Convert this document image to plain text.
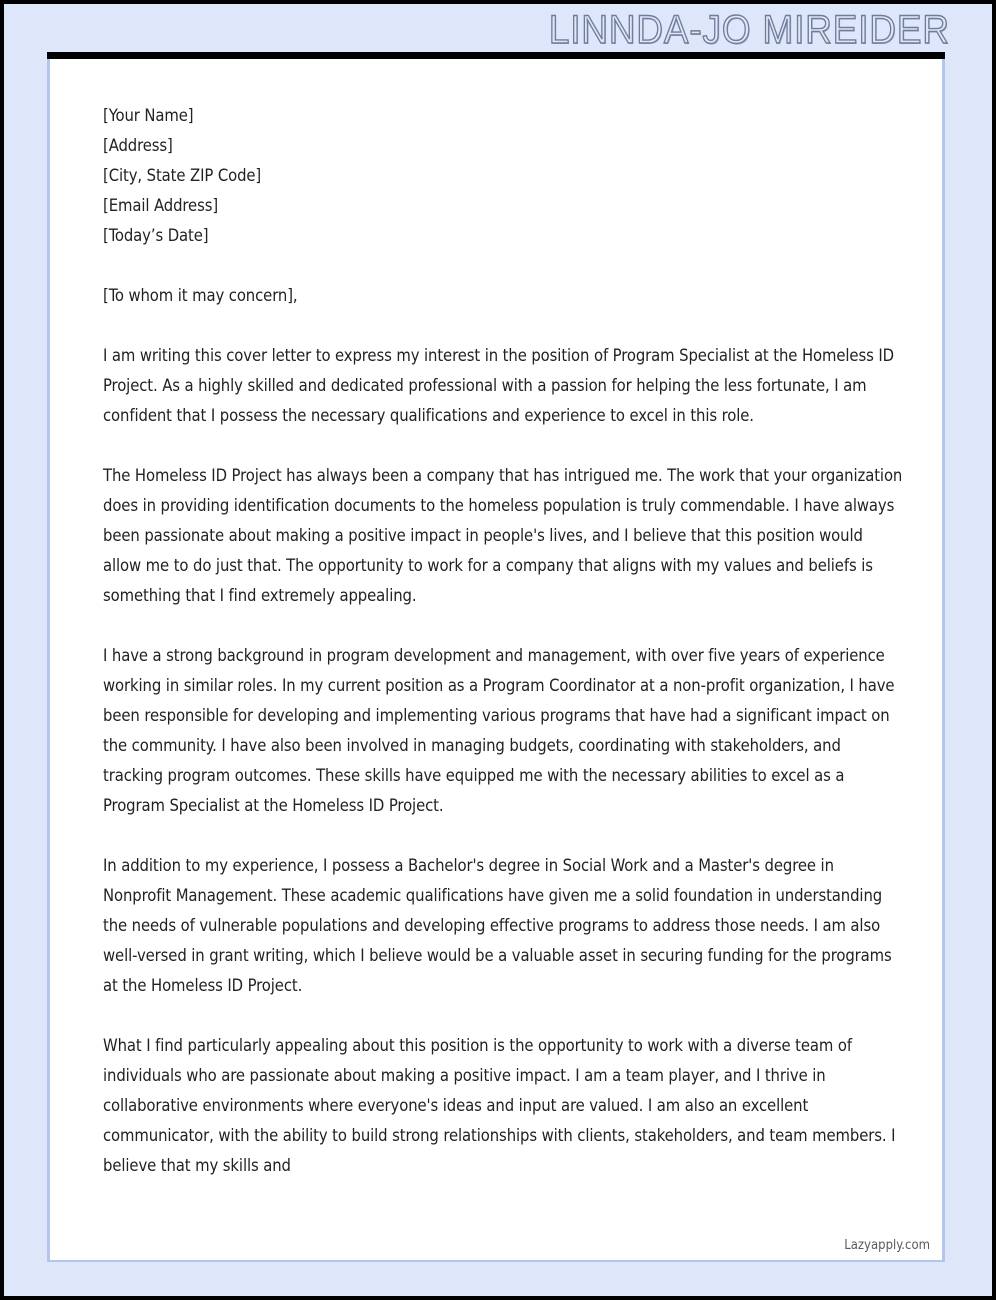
LINNDA-JO MIREIDER
[Your Name]
[Address]
[City, State ZIP Code]
[Email Address]
[Today’s Date]
[To whom it may concern],
I am writing this cover letter to express my interest in the position of Program Specialist at the Homeless ID Project. As a highly skilled and dedicated professional with a passion for helping the less fortunate, I am confident that I possess the necessary qualifications and experience to excel in this role.
The Homeless ID Project has always been a company that has intrigued me. The work that your organization does in providing identification documents to the homeless population is truly commendable. I have always been passionate about making a positive impact in people's lives, and I believe that this position would allow me to do just that. The opportunity to work for a company that aligns with my values and beliefs is something that I find extremely appealing.
I have a strong background in program development and management, with over five years of experience working in similar roles. In my current position as a Program Coordinator at a non-profit organization, I have been responsible for developing and implementing various programs that have had a significant impact on the community. I have also been involved in managing budgets, coordinating with stakeholders, and tracking program outcomes. These skills have equipped me with the necessary abilities to excel as a Program Specialist at the Homeless ID Project.
In addition to my experience, I possess a Bachelor's degree in Social Work and a Master's degree in Nonprofit Management. These academic qualifications have given me a solid foundation in understanding the needs of vulnerable populations and developing effective programs to address those needs. I am also well-versed in grant writing, which I believe would be a valuable asset in securing funding for the programs at the Homeless ID Project.
What I find particularly appealing about this position is the opportunity to work with a diverse team of individuals who are passionate about making a positive impact. I am a team player, and I thrive in collaborative environments where everyone's ideas and input are valued. I am also an excellent communicator, with the ability to build strong relationships with clients, stakeholders, and team members. I believe that my skills and
Lazyapply.com
